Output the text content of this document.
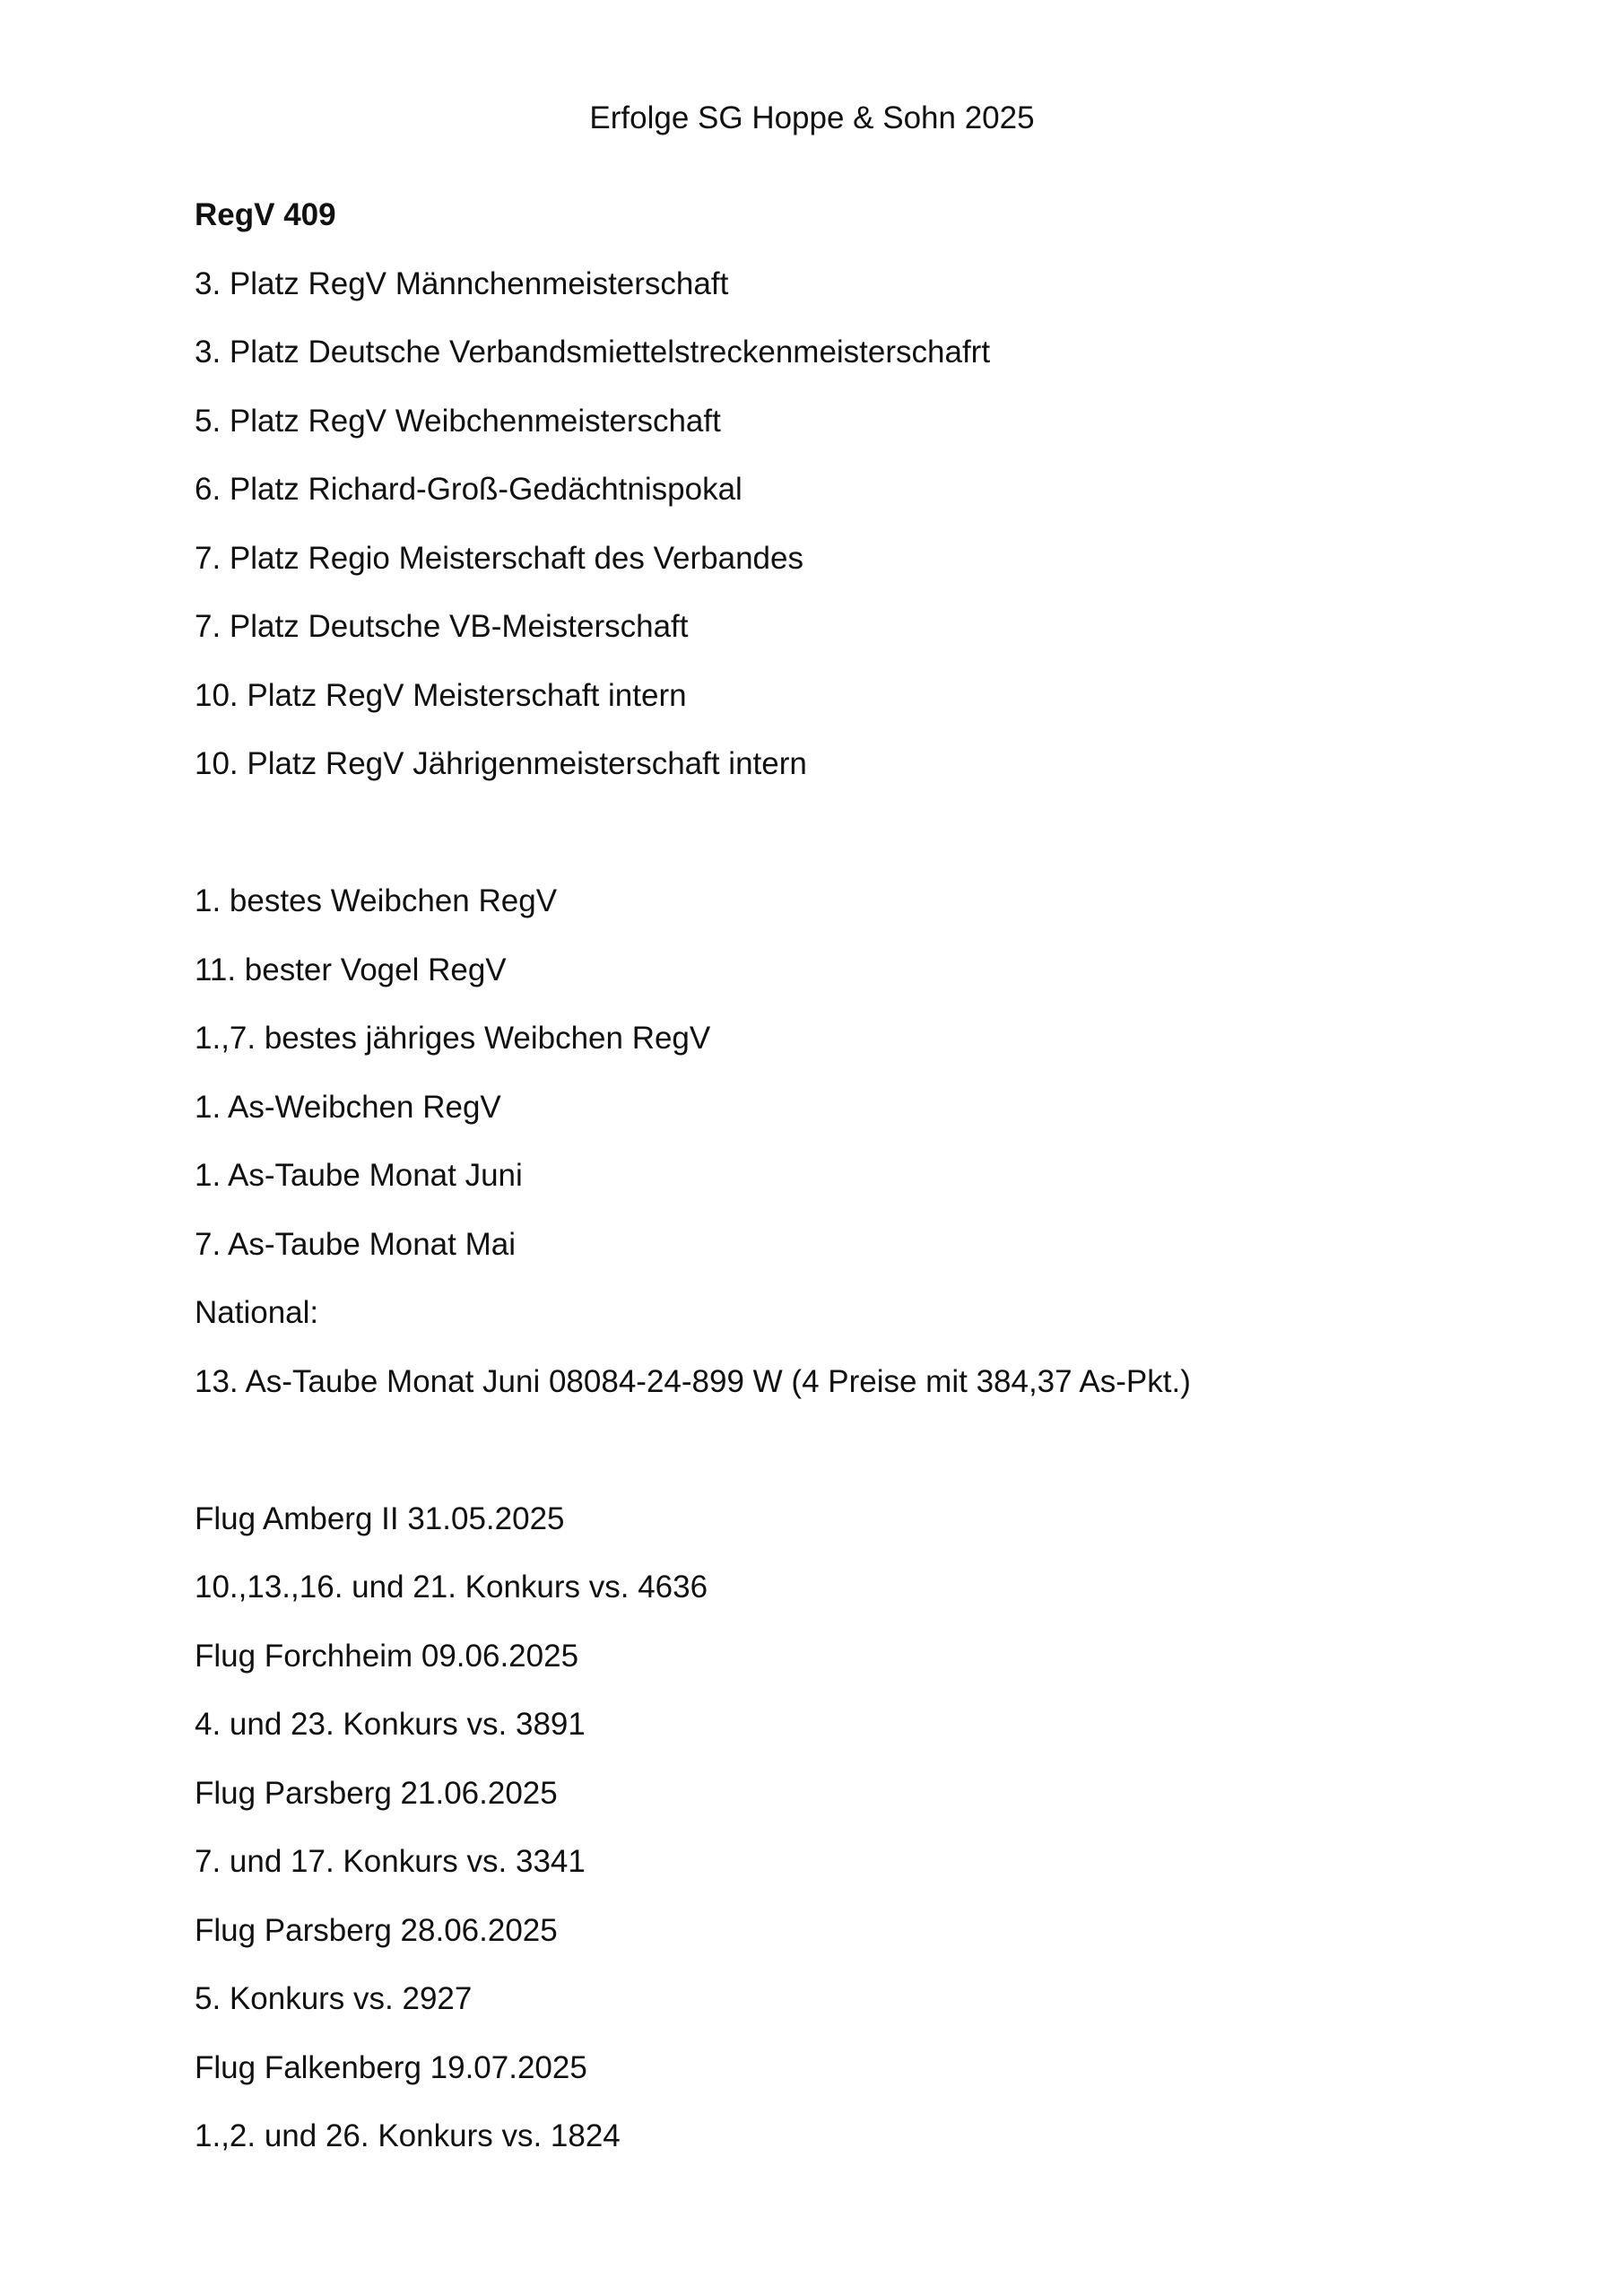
Erfolge SG Hoppe & Sohn 2025
RegV 409
3. Platz RegV Männchenmeisterschaft
3. Platz Deutsche Verbandsmiettelstreckenmeisterschafrt
5. Platz RegV Weibchenmeisterschaft
6. Platz Richard-Groß-Gedächtnispokal
7. Platz Regio Meisterschaft des Verbandes
7. Platz Deutsche VB-Meisterschaft
10. Platz RegV Meisterschaft intern
10. Platz RegV Jährigenmeisterschaft intern
1. bestes Weibchen RegV
11. bester Vogel RegV
1.,7. bestes jähriges Weibchen RegV
1. As-Weibchen RegV
1. As-Taube Monat Juni
7. As-Taube Monat Mai
National:
13. As-Taube Monat Juni 08084-24-899 W (4 Preise mit 384,37 As-Pkt.)
Flug Amberg II 31.05.2025
10.,13.,16. und 21. Konkurs vs. 4636
Flug Forchheim 09.06.2025
4. und 23. Konkurs vs. 3891
Flug Parsberg 21.06.2025
7. und 17. Konkurs vs. 3341
Flug Parsberg 28.06.2025
5. Konkurs vs. 2927
Flug Falkenberg 19.07.2025
1.,2. und 26. Konkurs vs. 1824
